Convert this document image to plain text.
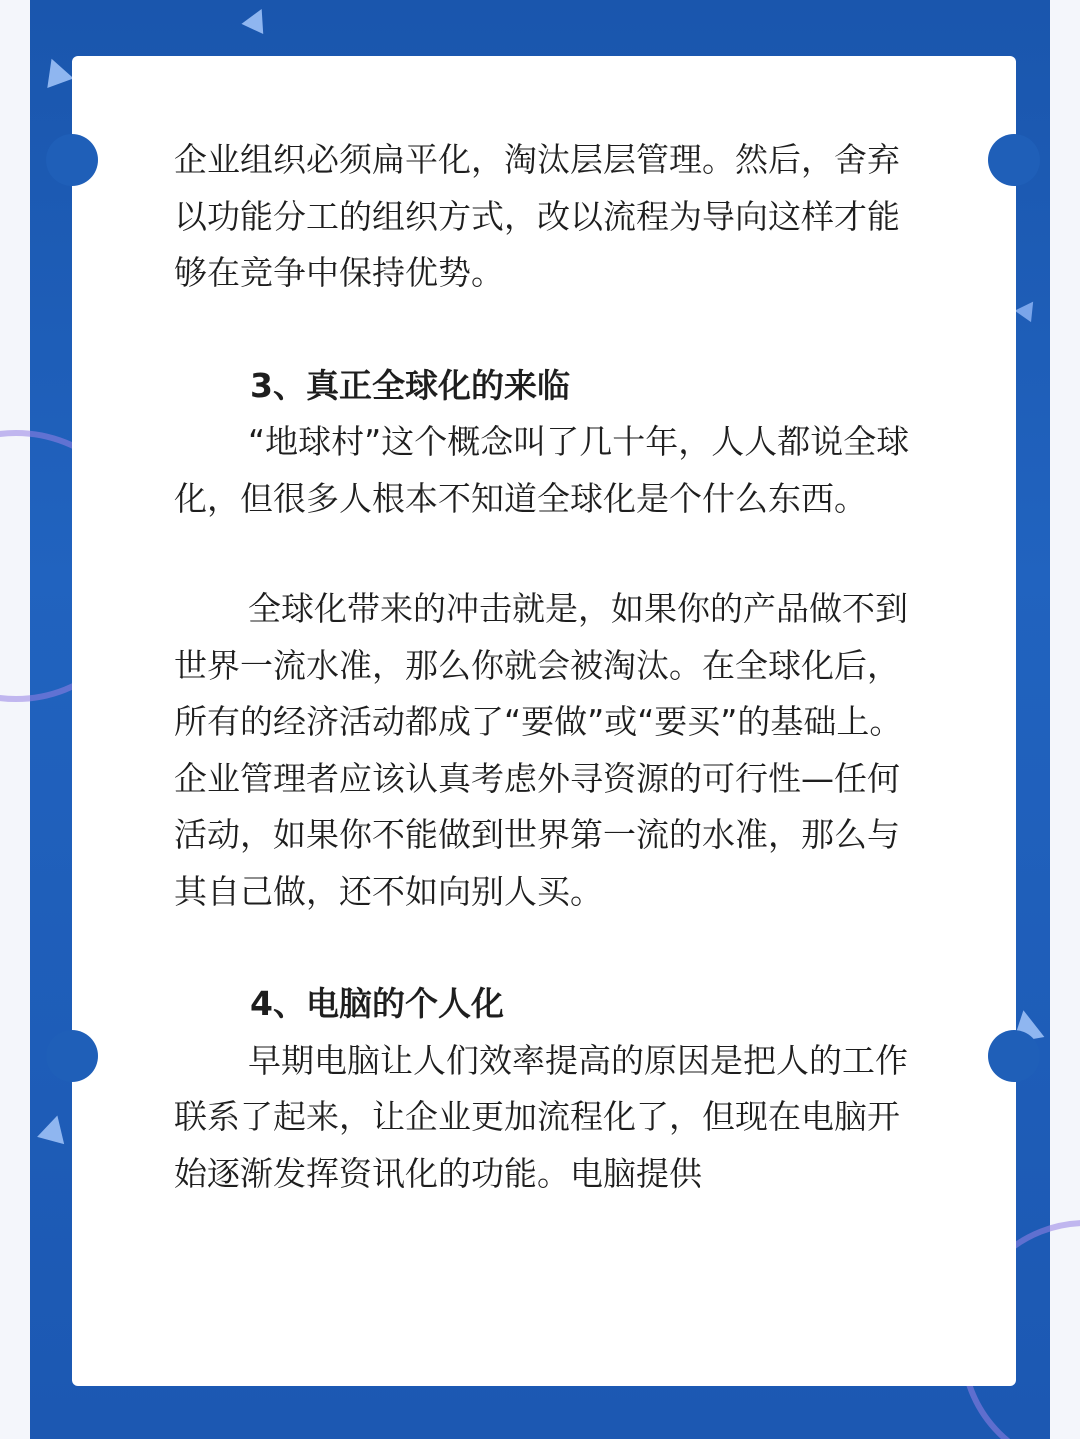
企业组织必须扁平化，淘汰层层管理。然后，舍弃以功能分工的组织方式，改以流程为导向这样才能够在竞争中保持优势。

3、真正全球化的来临

“地球村”这个概念叫了几十年，人人都说全球化，但很多人根本不知道全球化是个什么东西。

全球化带来的冲击就是，如果你的产品做不到世界一流水准，那么你就会被淘汰。在全球化后，所有的经济活动都成了“要做”或“要买”的基础上。企业管理者应该认真考虑外寻资源的可行性—任何活动，如果你不能做到世界第一流的水准，那么与其自己做，还不如向别人买。

4、电脑的个人化

早期电脑让人们效率提高的原因是把人的工作联系了起来，让企业更加流程化了，但现在电脑开始逐渐发挥资讯化的功能。电脑提供
